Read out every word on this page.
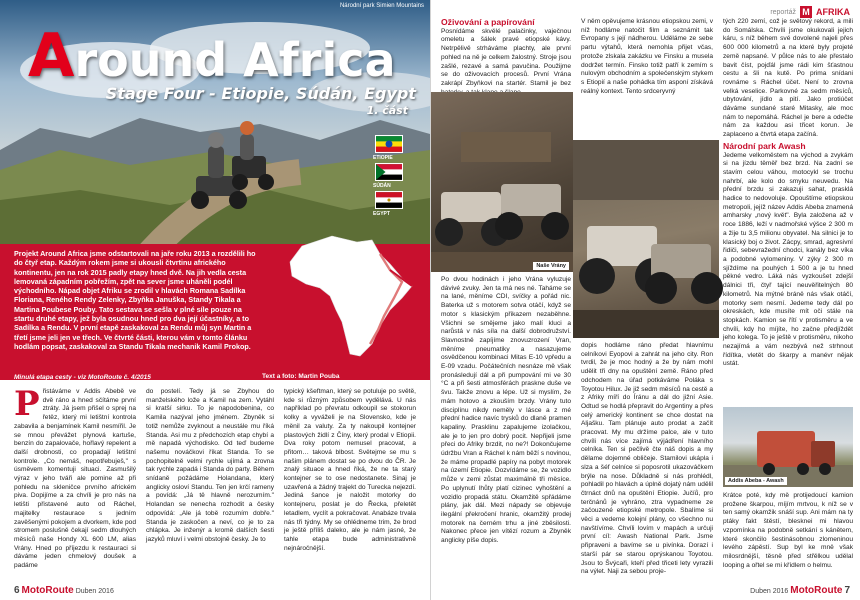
Národní park Simien Mountains
Around Africa
Stage Four - Etiopie, Súdán, Egypt
1. část
ETIOPIE
SÚDÁN
EGYPT
Projekt Around Africa jsme odstartovali na jaře roku 2013 a rozdělili ho do čtyř etap. Každým rokem jsme si ukousli čtvrtinu afrického kontinentu, jen na rok 2015 padly etapy hned dvě. Na jih vedla cesta lemovaná západním pobřežím, zpět na sever jsme uháněli podél východního. Nápad objet Afriku se zrodil v hlavách Romana Sadílka Floriana, Reného Rendy Zelenky, Zbyňka Januška, Standy Tikala a Martina Poubese Pouby. Tato sestava se sešla v plné síle pouze na startu druhé etapy, jež byla osudnou hned pro dva její účastníky, a to Sadílka a Rendu. V první etapě zaskakoval za Rendu můj syn Martin a třetí jsme jeli jen ve třech. Ve čtvrté části, kterou vám v tomto článku hodlám popsat, zaskakoval za Standu Tikala mechanik Kamil Prokop.
Minulá etapa cesty - viz MotoRoute č. 4/2015	Text a foto: Martin Pouba
Přistáváme v Addis Abebě ve dvě ráno a hned sčítáme první ztráty. Já jsem přišel o sprej na řetěz, který mi letištní kontrola zabavila a benjamínek Kamil nesmířil. Je se mnou převážet plynová kartuše, benzín do zapalovače, hořlavý repelent a další drobnosti, co propadají letištní kontrole. „Co nemáš, nepotřebuješ," s úsměvem komentuji situaci. Zasmušilý výraz v jeho tváři ale pomine až při pohledu na skleničce prvního africkém piva. Dopijíme a za chvíli je pro nás na letišti přistavené auto od Ráchel, majitelky restaurace s jedním zavěšenými pokojem a dvorkem, kde pod stromem poslušně čekají sedm dlouhých měsíců naše Hondy XL 600 LM, alias Vrány. Hned po příjezdu k restauraci si dáváme jeden chmelový doušek a padáme
do postelí. Tedy já se Zbyhou do manželského lože a Kamil na zem. Vytáhl si kratší sirku. To je napodobenina, co Kamila nazýval jeho jménem. Zbyněk si totiž nemůže zvyknout a neustále mu říká Standa. Asi mu z předchozích etap chybí a mě napadá východisko. Od teď budeme našemu nováčkovi říkat Standa. To se pochopitelně velmi rychle ujímá a zrovna tak rychle zapadá i Standa do party. Během snídaně požádáme Holandana, který anglicky osloví Standu. Ten jen krčí rameny a povídá: „Já tě hlavně nerozumím." Holandan se nenecha rozhodit a česky odpovídá: „Ale já tobě rozumím dobře." Standa je zaskočen a neví, co je to za chlápka. Je inženýr a kromě dalších šesti jazyků mluví i velmi obstojně česky. Je to
typický kšeftman, který se potuluje po světě, kde si různým způsobem vydělává. U nás například po převratu odkoupil se stokorun kolky a vyváželi je na Slovensko, kde je měnil za valuty. Za ty nakoupil kontejner plastových židlí z Číny, který prodal v Etiopii. Dva roky potom nemusel pracovat, a přitom… taková blbost. Světejme se mu s našim plánem dostat se po dvou do ČR. Je znalý situace a hned říká, že ne ta starý kontejner se to ose nedostanete. Sinaj je uzavřená a žádný trajekt do Turecka nejezdí. Jediná šance je naložit motorky do kontejneru, poslat je do Řecka, přeletět letadlem, vyclít a pokračovat. Anabáze trvala nás tři týdny. My se ohlédneme trim, že brod je ještě příliš daleko, ale je nám jasné, že tahle etapa bude administrativně nejnáročnější.
6 MotoRoute Duben 2016
reportáž M AFRIKA
Oživování a papírování
Posnídáme skvělé palačinky, vaječnou omeletu a šálek pravé etiopské kávy. Netrpělivě strháváme plachty, ale první pohled na ně je celkem žalostný. Stroje jsou zašlé, rezavé a samá pavučina. Použijme se do oživovacích procesů. První Vrána zakrápí Zbyňkovi na startér. Stamil je bez
Naše Vrány
Po dvou hodinách i jeho Vrána vyluzuje dávivé zvuky. Jen ta má nes né. Taháme se na lané, měníme CDI, svíčky a pořád nic. Baterka už s motorem sotva otáčí, když se motor s klasickým přikazem nezaběhne. Všichni se smějeme jako malí kluci a narůstá v nás síla na další dobrodružství. Slavnostně zapíjíme znovuzrození Vran, měníme pneumatiky a nasazujeme osvědčenou kombinaci Mitas E-10 vpředu a E-09 vzadu. Počátečních nesnáze mě však pronásledují dál a při pumpování mi ve 30 °C a při šesti atmosférách praskne duše ve švu. Takže znovu a lépe. Už si myslím, že mám hotovo a zkouším brzdy. Vrány tuto disciplínu nikdy neměly v lásce a z mé přední hadice navíc trysků do dlaně pramen kapaliny. Prasklinu zapalujeme izolačkou, ale je to jen pro dobrý pocit. Nepřijeli jsme přeci do Afriky brzdit, no ne?! Dokončujeme údržbu Vran a Ráchel k nám běží s novinou, že máme propadlé papíry na pobyt motorek na území Etiopie. Dozvídáme se, že vozidlo může v zemi zůstat maximálně tři měsíce. Po uplynutí lhůty platí cizinec vyhoštění a vozidlo propadá státu. Okamžitě spřádáme plány, jak dál. Mezi nápady se objevuje ilegální překročení hranic, okamžitý prodej motorek na černém trhu a jiné zběsilosti. Nakonec přece jen vítězí rozum a Zbyněk anglicky píše dopis.
V něm opěvujeme krásnou etiopskou zemi, v níž hodláme natočit film a seznámit tak Evropany s její nádherou. Uděláme ze sebe partu výtahů, která nemohla přijet včas, protože zlskala zakázku ve Finsku a musela dodržet termín. Finsko totiž patří k zemím s nulovým obchodním a společenským stykem s Etiopií a naše pohádka tím asponí získává reálný kontext. Tento srdceryvný
dopis hodláme ráno předat hlavnímu celníkovi Eyopovi a zahrát na jeho city. Ron tvrdil, že je moc hodný a že by nám mohl udělit tři dny na opuštění země. Ráno před odchodem na úřad potkáváme Poláka s Toyotou Hilux. Je již sedm měsíců na cestě a z Afriky míří do Íránu a dál do jižní Asie. Odtud se hodlá přepravit do Argentiny a přes celý americký kontinent se chce dostat na Aljašku. Tam plánuje auto prodat a začít pracovat. My mu držíme palce, ale v tuto chvíli nás více zajímá výjádření hlavního celníka. Ten si pečlivě čte náš dopis a my dělame dojemné obličeje. Stamilovi ukápla i slza a šéf celníce si poposrotil ukazováčkem brýle na nose. Důkladně si nás prohlédl, pohladil po hlavách a úplně dojatý nám udělil čtrnáct dnů na opuštění Etiopie. Jučíů, pro terčnánů je vyhráno, ztra vypadneme ze začouzené etiopské metropole. Sbalíme si věci a vedeme kolejní plány, co všechno nu navštívíme. Chvíli lovím v mapách a určuji první cíl: Awash National Park. Jsme připraveni a bavíme se u pivínka. Dorazí i starší pár se starou oprýskanou Toyotou. Jsou to Švýcaři, kteří před třiceti lety vyrazili na výlet. Naji za sebou proje-

tých 220 zemí, což je světový rekord, a mili do Somálska. Chvíli jsme okukovali jejich káru, s níž během své dovolené najeli přes 600 000 kilometrů a na které byly projeté země napsané. V půlce nás to ale přestalo bavit číst, pojďál jsme rádi kim šťastnou cestu a šli na kutě. Po prima snídani rovnáme s Ráchel účet. Není to zrovna velká veselice. Parkovné za sedm měsíců, ubytování, jídlo a pití. Jako protiúčet dáváme sundané staré Mitasky, ale moc nám to nepomáhá. Ráchel je bere a odečte nám za každou asi třicet korun. Je zaplaceno a čtvrtá etapa začíná.

Národní park Awash
Jedeme velkoměstem na východ a zvykám si na jízdu těměř bez brzd. Na zadní se stavím celou váhou, motocykl se trochu nahrbí, ale kolo do smyku neuvedu. Na přední brzdu si zakazuji sahat, prasklá hadice to nedovoluje. Opouštíme etiopskou metropoli, jejíž název Addis Abeba znamená amharsky „nový květ". Byla založena až v roce 1886, leží v nadmořské výšce 2 300 m a žije tu 3,5 milionu obyvatel. Na silnici je to klasický boj o život. Zácpy, smrad, agresivní řidiči, sebevražední chodci, kanály bez víka a podobné vylomeniny. V zýky 2 300 m sjíždíme na pouhých 1 500 a je tu hned pěkné vedro. Láká nás vyzkoušet zdejší dálnici tři, čtyř tající neuvěřitelných 80 kilometrů. Na mýtné bráně nás však otáčí, motorky sem nesmí. Jedeme tedy dál po okreskách, kde musíte mít oči stále na stopkách. Kamion se řítí v protisměru a ve chvíli, kdy ho míjíte, ho začne předjíždět jeho kolega. To je ještě v protisměru, nikoho nezajímá a vám nezbývá než strhnout řídítka, vletět do škarpy a manévr nějak ustát.
Addis Abeba - Awash
Krátce poté, kdy mě protijedoucí kamion prožene škarpou, míjím mrtvou, k níž se v ten samý okamžik snáší sup. Ani mám na ty ptáky fakt štěstí, blesknei mi hlavou vzpomínka na podobně setkání s kánětem, které skončilo šestinásobnou zlomeninou levého zápěstí. Sup byl ke mně však milosrdnější, těsně před střělkou udělal looping a ořtel se mi křídlem o helmu.
Duben 2016 MotoRoute 7
